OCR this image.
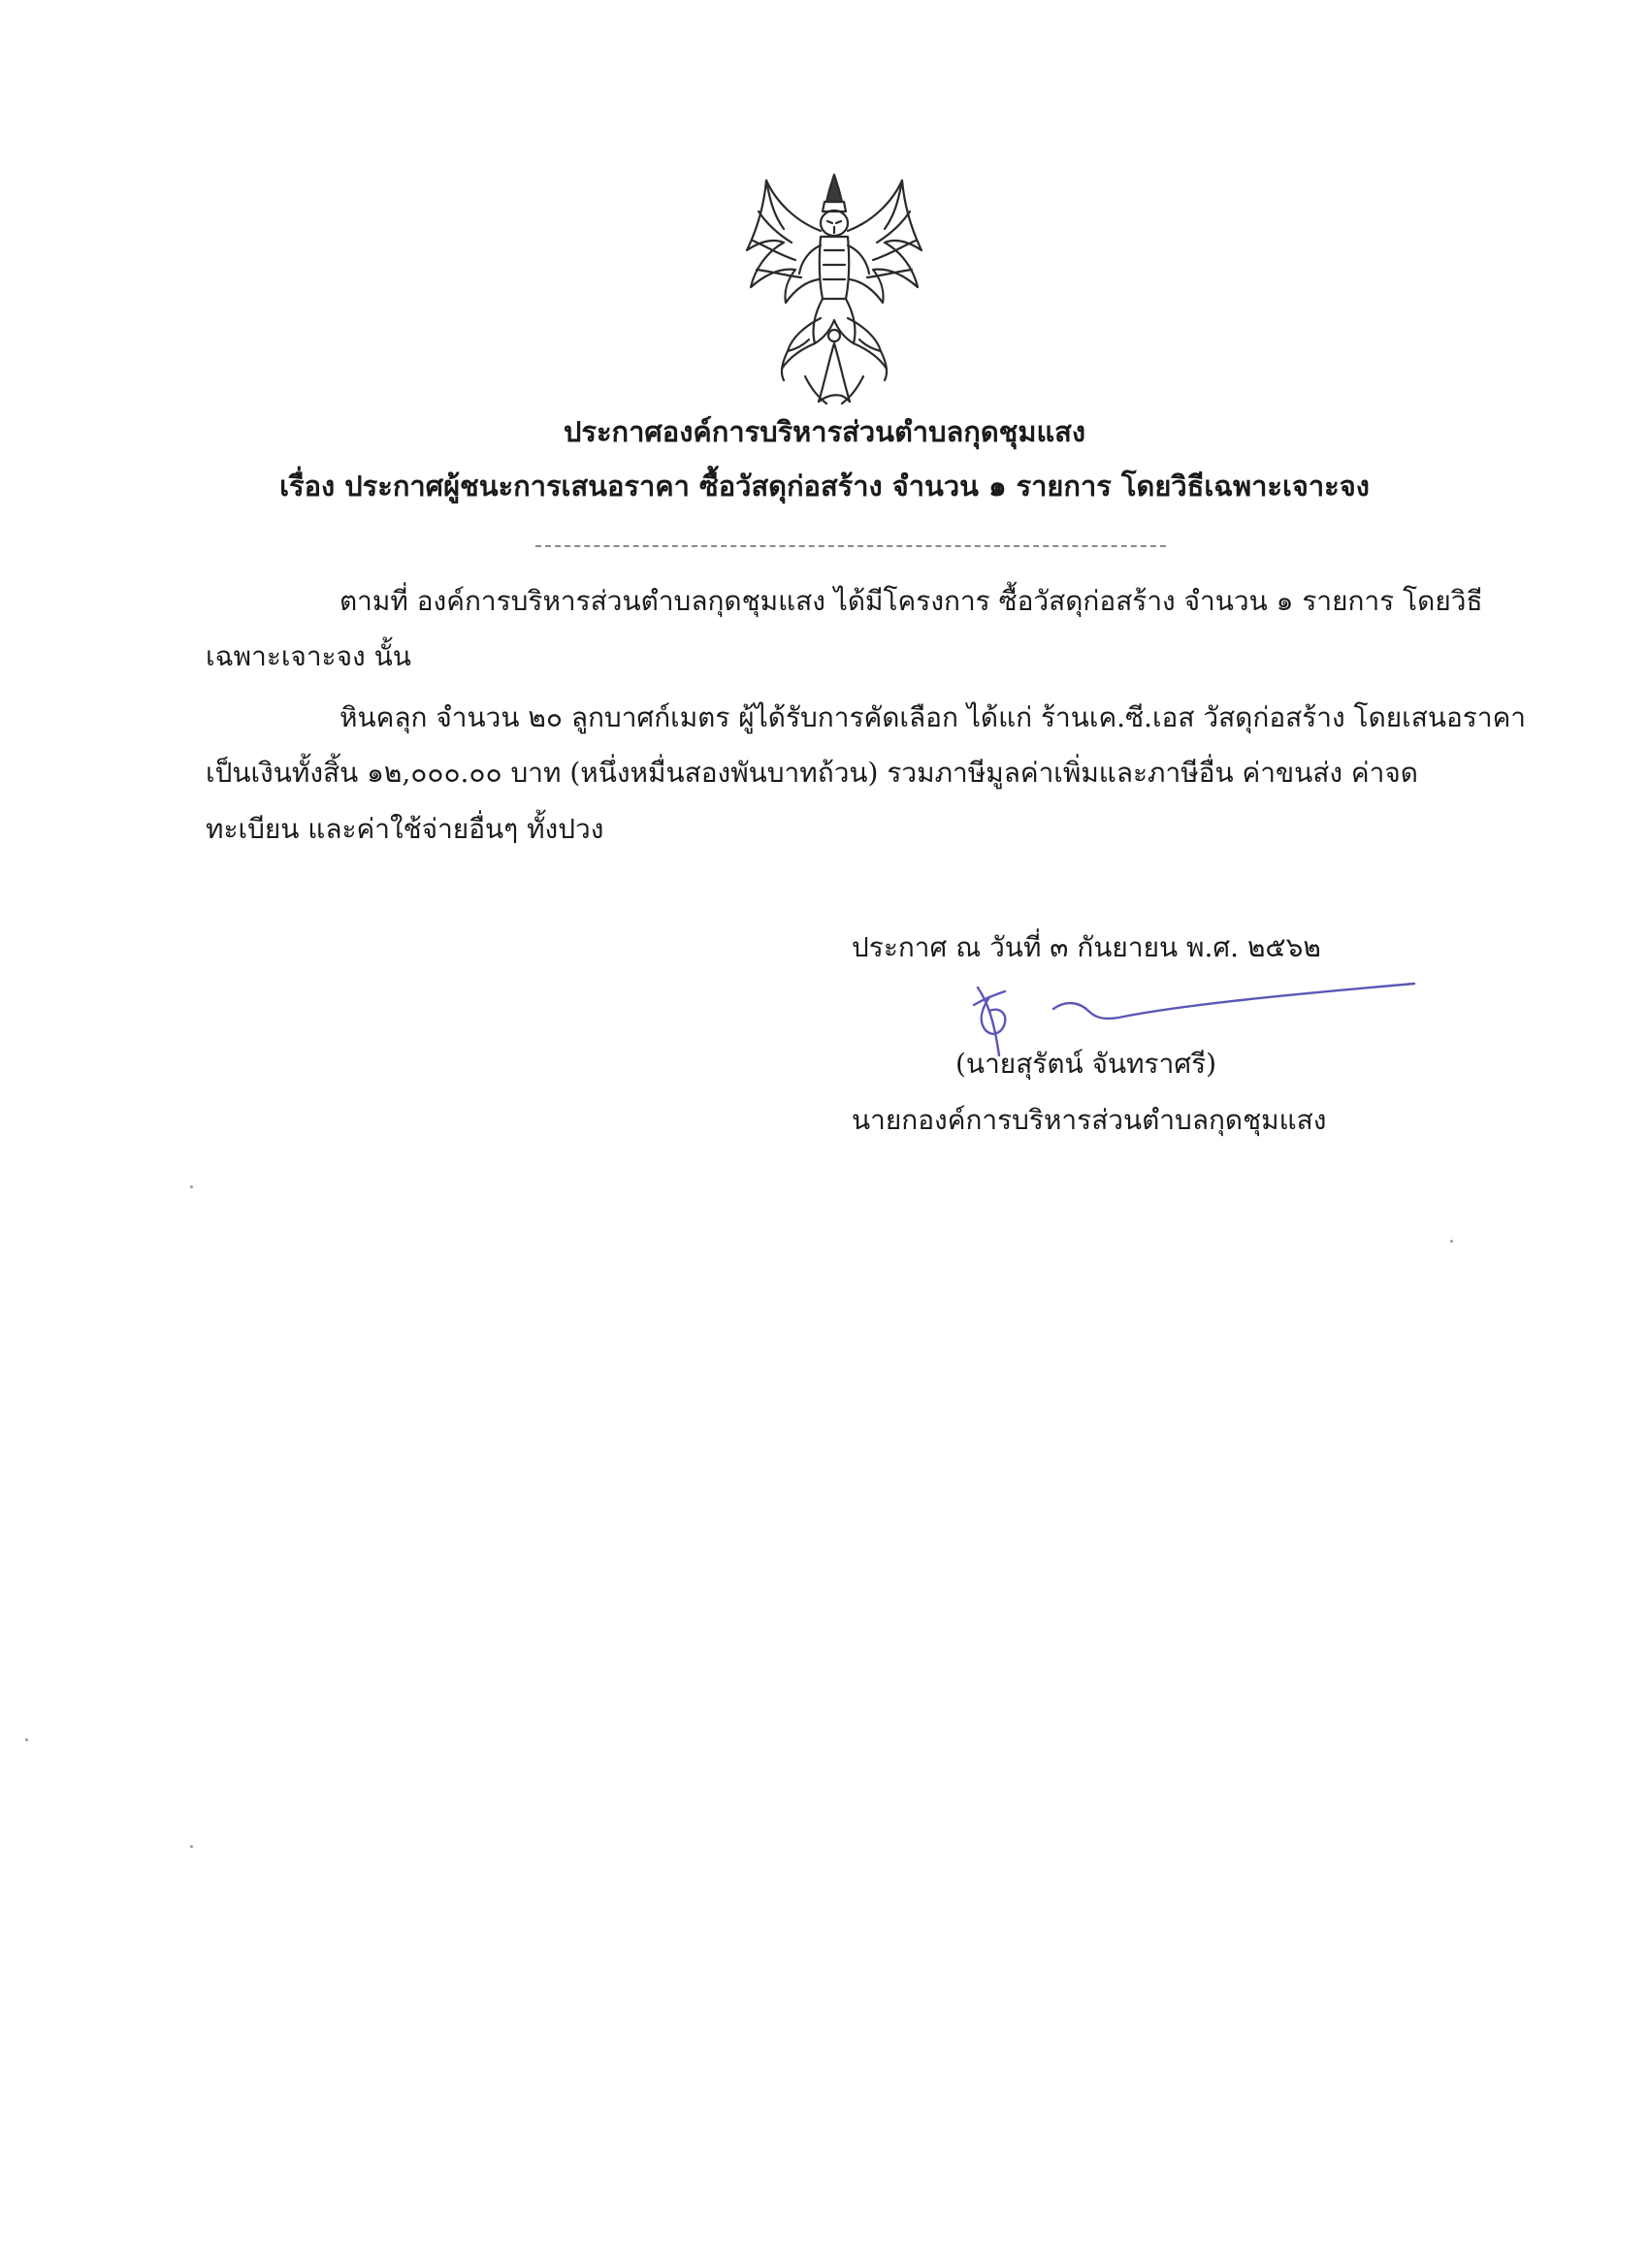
ประกาศองค์การบริหารส่วนตำบลกุดชุมแสง
เรื่อง ประกาศผู้ชนะการเสนอราคา ซื้อวัสดุก่อสร้าง จำนวน ๑ รายการ โดยวิธีเฉพาะเจาะจง
ตามที่ องค์การบริหารส่วนตำบลกุดชุมแสง ได้มีโครงการ ซื้อวัสดุก่อสร้าง จำนวน ๑ รายการ โดยวิธี
เฉพาะเจาะจง นั้น
หินคลุก จำนวน ๒๐ ลูกบาศก์เมตร ผู้ได้รับการคัดเลือก ได้แก่ ร้านเค.ซี.เอส วัสดุก่อสร้าง โดยเสนอราคา
เป็นเงินทั้งสิ้น ๑๒,๐๐๐.๐๐ บาท (หนึ่งหมื่นสองพันบาทถ้วน) รวมภาษีมูลค่าเพิ่มและภาษีอื่น ค่าขนส่ง ค่าจด
ทะเบียน และค่าใช้จ่ายอื่นๆ ทั้งปวง
ประกาศ ณ วันที่ ๓ กันยายน พ.ศ. ๒๕๖๒
(นายสุรัตน์ จันทราศรี)
นายกองค์การบริหารส่วนตำบลกุดชุมแสง
